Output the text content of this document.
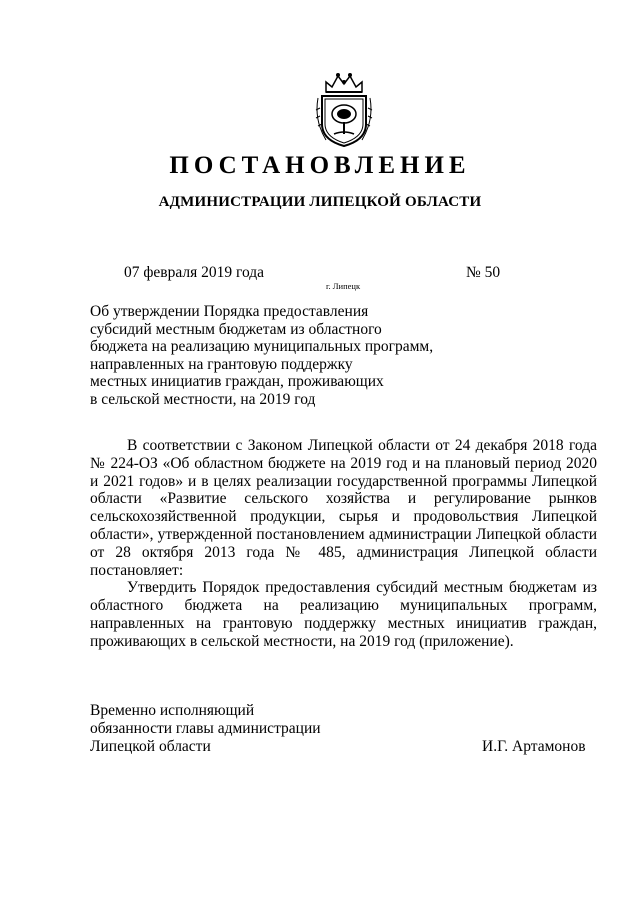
ПОСТАНОВЛЕНИЕ
АДМИНИСТРАЦИИ ЛИПЕЦКОЙ ОБЛАСТИ
07 февраля 2019 года	№ 50
г. Липецк
Об утверждении Порядка предоставления
субсидий местным бюджетам из областного
бюджета на реализацию муниципальных программ,
направленных на грантовую поддержку
местных инициатив граждан, проживающих
в сельской местности, на 2019 год

В соответствии с Законом Липецкой области от 24 декабря 2018 года № 224-ОЗ «Об областном бюджете на 2019 год и на плановый период 2020 и 2021 годов» и в целях реализации государственной программы Липецкой области «Развитие сельского хозяйства и регулирование рынков сельскохозяйственной продукции, сырья и продовольствия Липецкой области», утвержденной постановлением администрации Липецкой области от 28 октября 2013 года № 485, администрация Липецкой области постановляет:

Утвердить Порядок предоставления субсидий местным бюджетам из областного бюджета на реализацию муниципальных программ, направленных на грантовую поддержку местных инициатив граждан, проживающих в сельской местности, на 2019 год (приложение).

Временно исполняющий
обязанности главы администрации
Липецкой области	И.Г. Артамонов
